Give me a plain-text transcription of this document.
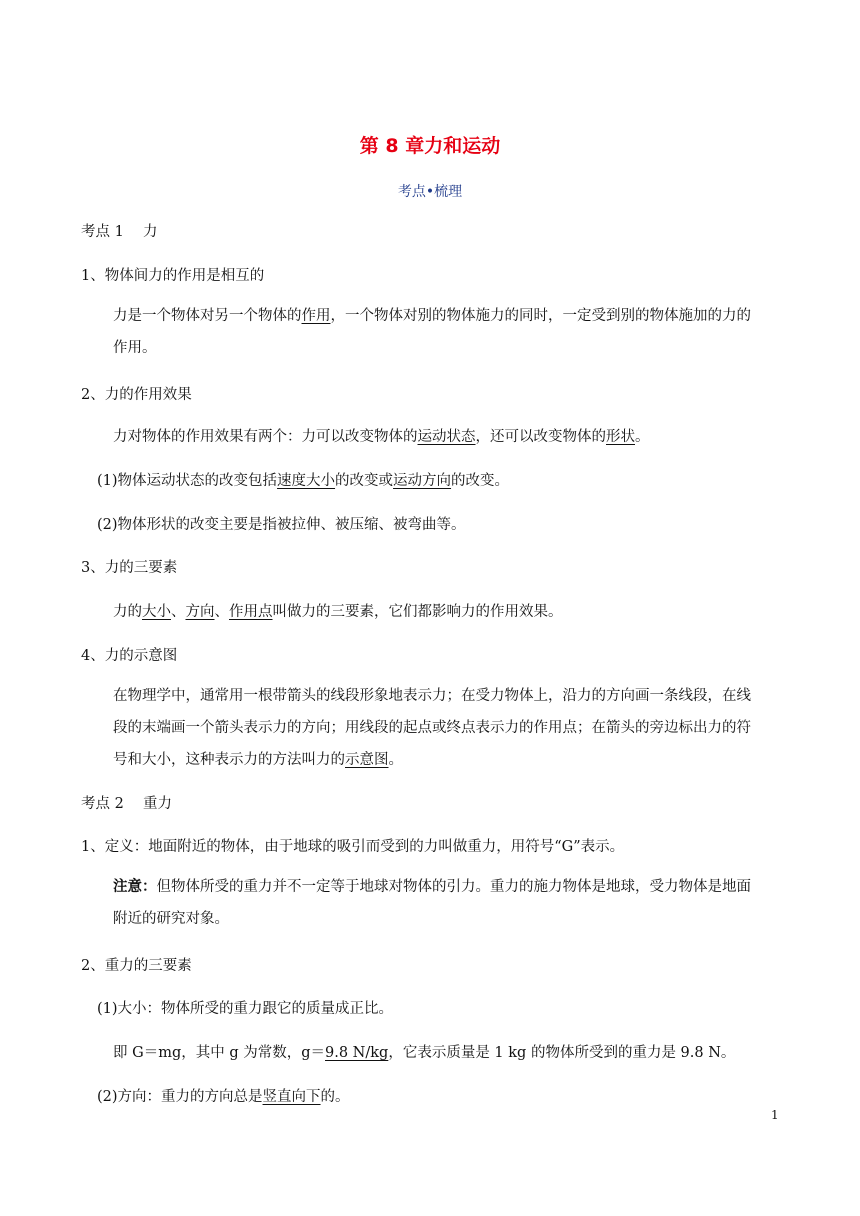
第 8 章力和运动
考点•梳理
考点 1　 力
1、物体间力的作用是相互的
力是一个物体对另一个物体的作用，一个物体对别的物体施力的同时，一定受到别的物体施加的力的
作用。
2、力的作用效果
力对物体的作用效果有两个：力可以改变物体的运动状态，还可以改变物体的形状。
(1)物体运动状态的改变包括速度大小的改变或运动方向的改变。
(2)物体形状的改变主要是指被拉伸、被压缩、被弯曲等。
3、力的三要素
力的大小、方向、作用点叫做力的三要素，它们都影响力的作用效果。
4、力的示意图
在物理学中，通常用一根带箭头的线段形象地表示力；在受力物体上，沿力的方向画一条线段，在线
段的末端画一个箭头表示力的方向；用线段的起点或终点表示力的作用点；在箭头的旁边标出力的符
号和大小，这种表示力的方法叫力的示意图。
考点 2　 重力
1、定义：地面附近的物体，由于地球的吸引而受到的力叫做重力，用符号“G”表示。
注意：但物体所受的重力并不一定等于地球对物体的引力。重力的施力物体是地球，受力物体是地面
附近的研究对象。
2、重力的三要素
(1)大小：物体所受的重力跟它的质量成正比。
即 G＝mg，其中 g 为常数，g＝9.8 N/kg，它表示质量是 1 kg 的物体所受到的重力是 9.8 N。
(2)方向：重力的方向总是竖直向下的。
1
